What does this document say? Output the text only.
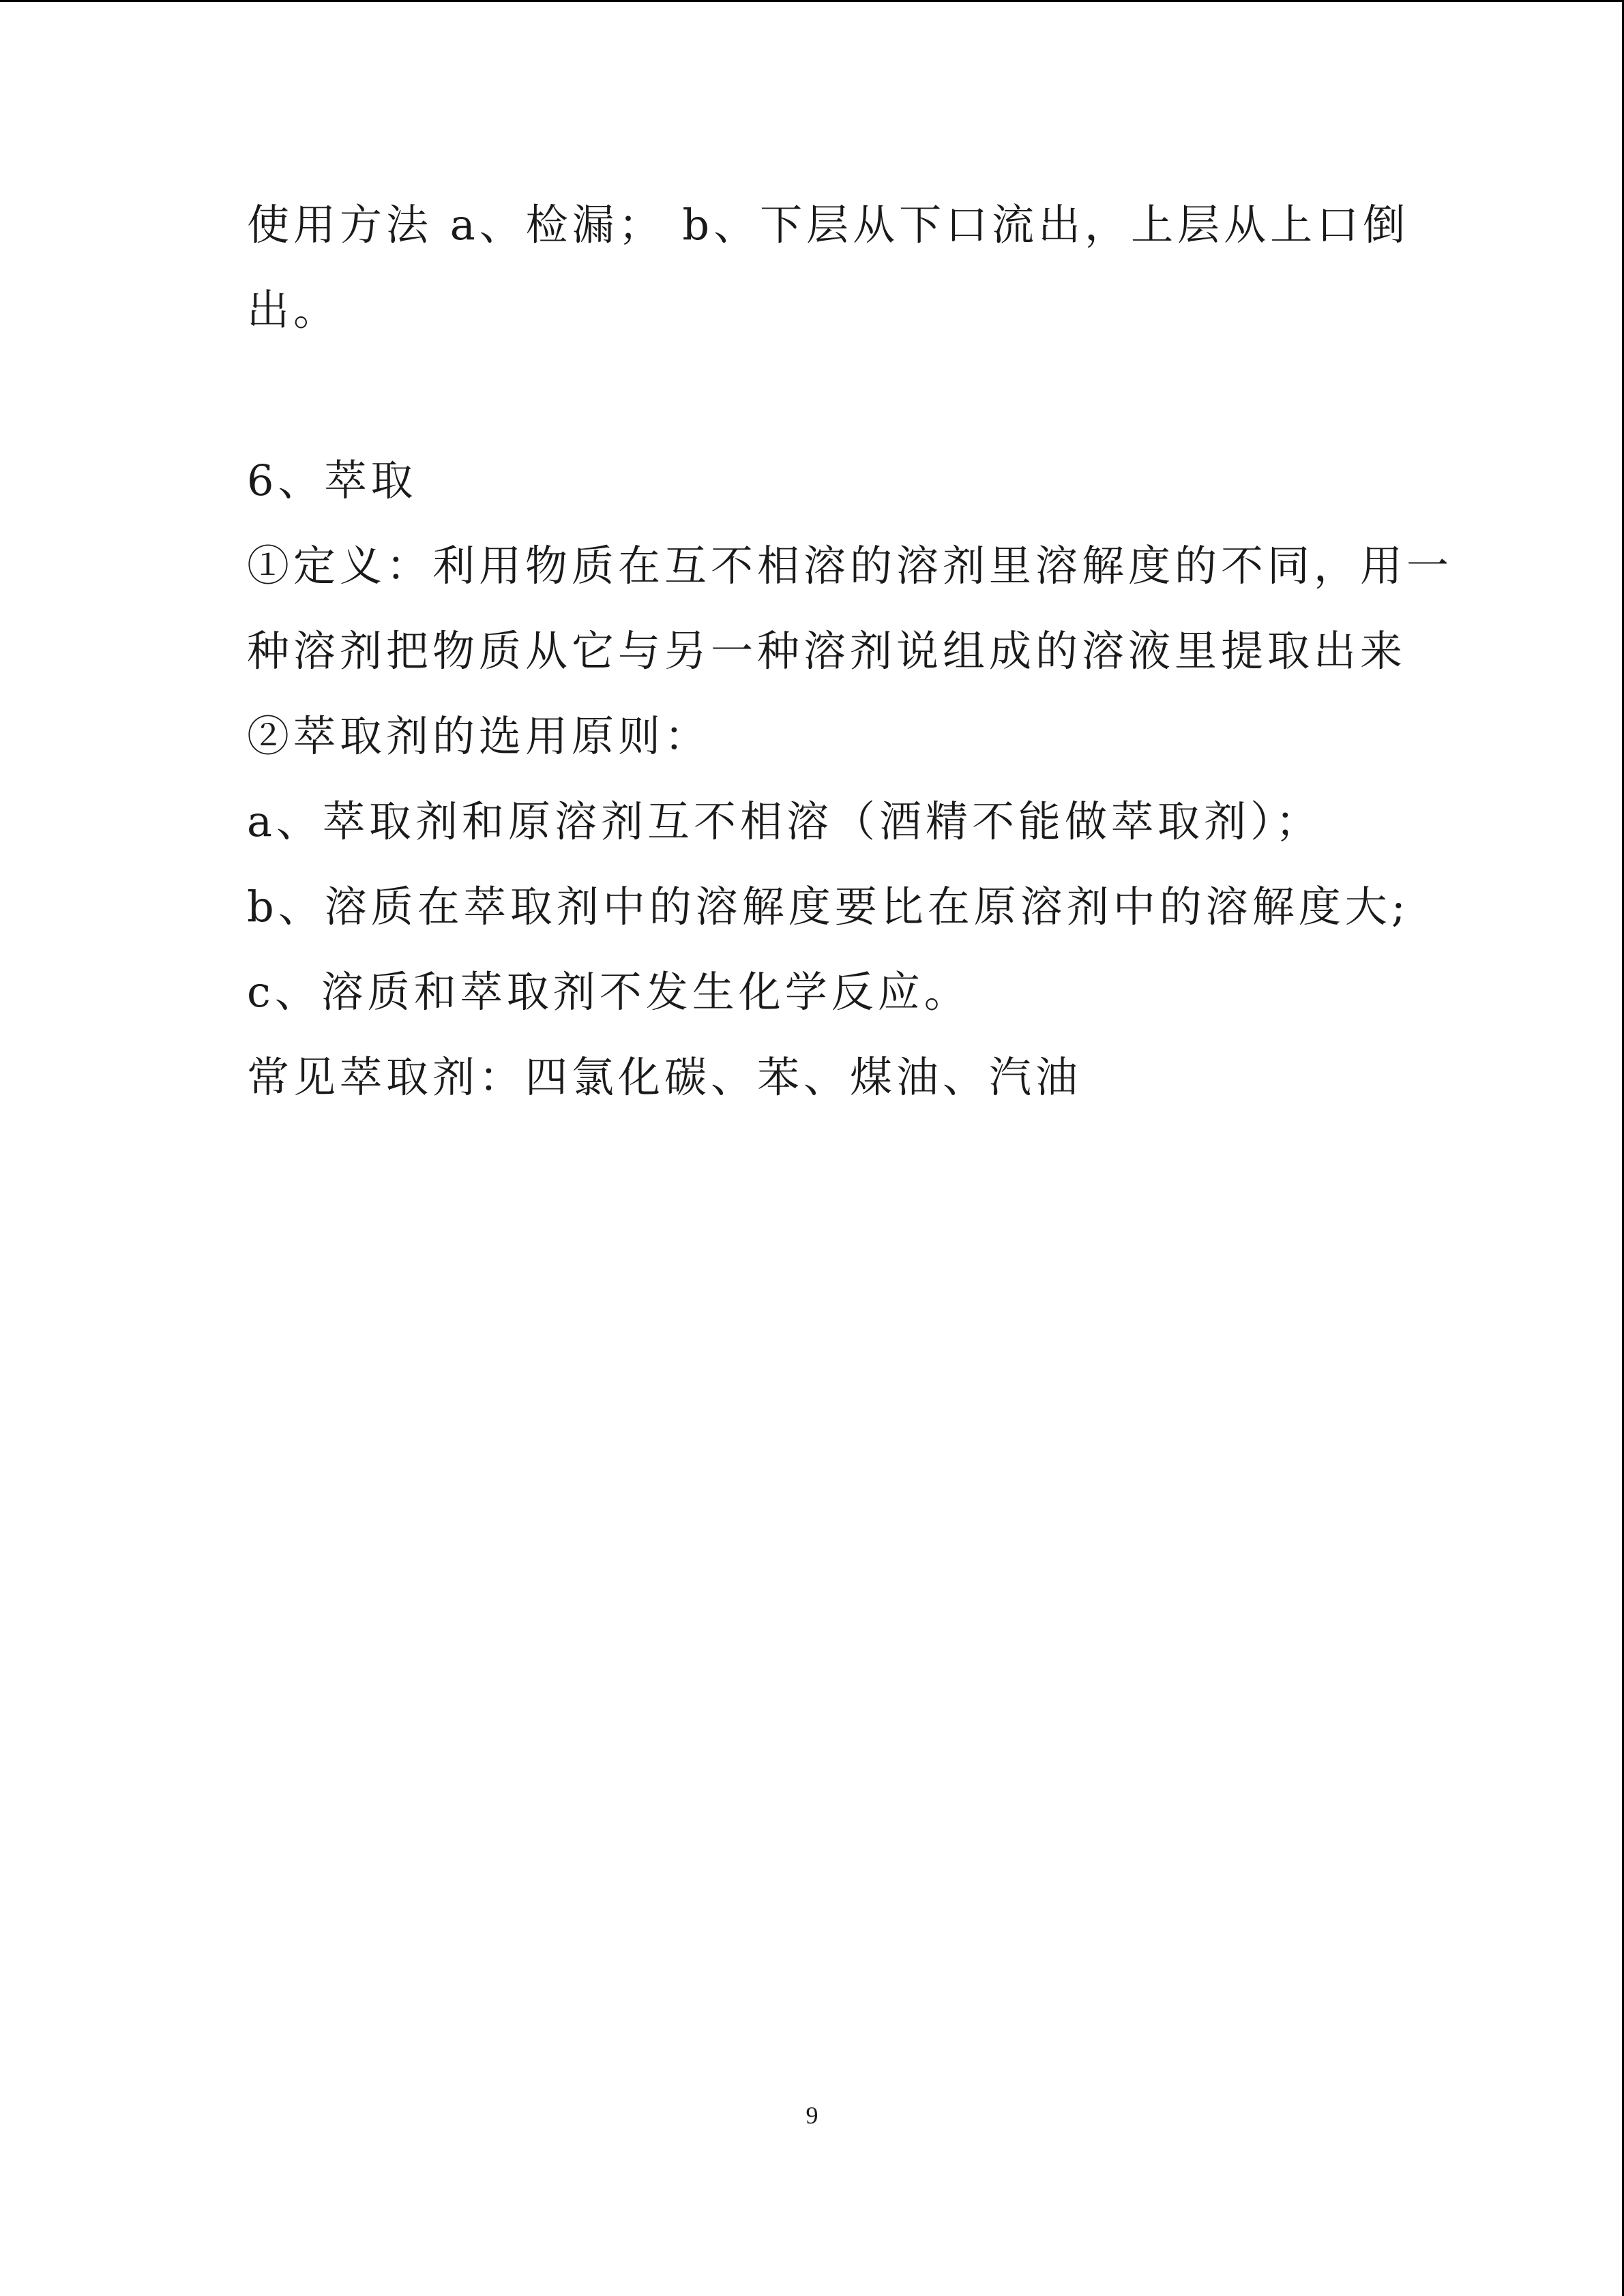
使用方法 a、检漏； b、下层从下口流出，上层从上口倒
出。
6、萃取
①定义：利用物质在互不相溶的溶剂里溶解度的不同，用一
种溶剂把物质从它与另一种溶剂说组成的溶液里提取出来
②萃取剂的选用原则：
a、萃取剂和原溶剂互不相溶（酒精不能做萃取剂）；
b、溶质在萃取剂中的溶解度要比在原溶剂中的溶解度大;
c、溶质和萃取剂不发生化学反应。
常见萃取剂：四氯化碳、苯、煤油、汽油
9
